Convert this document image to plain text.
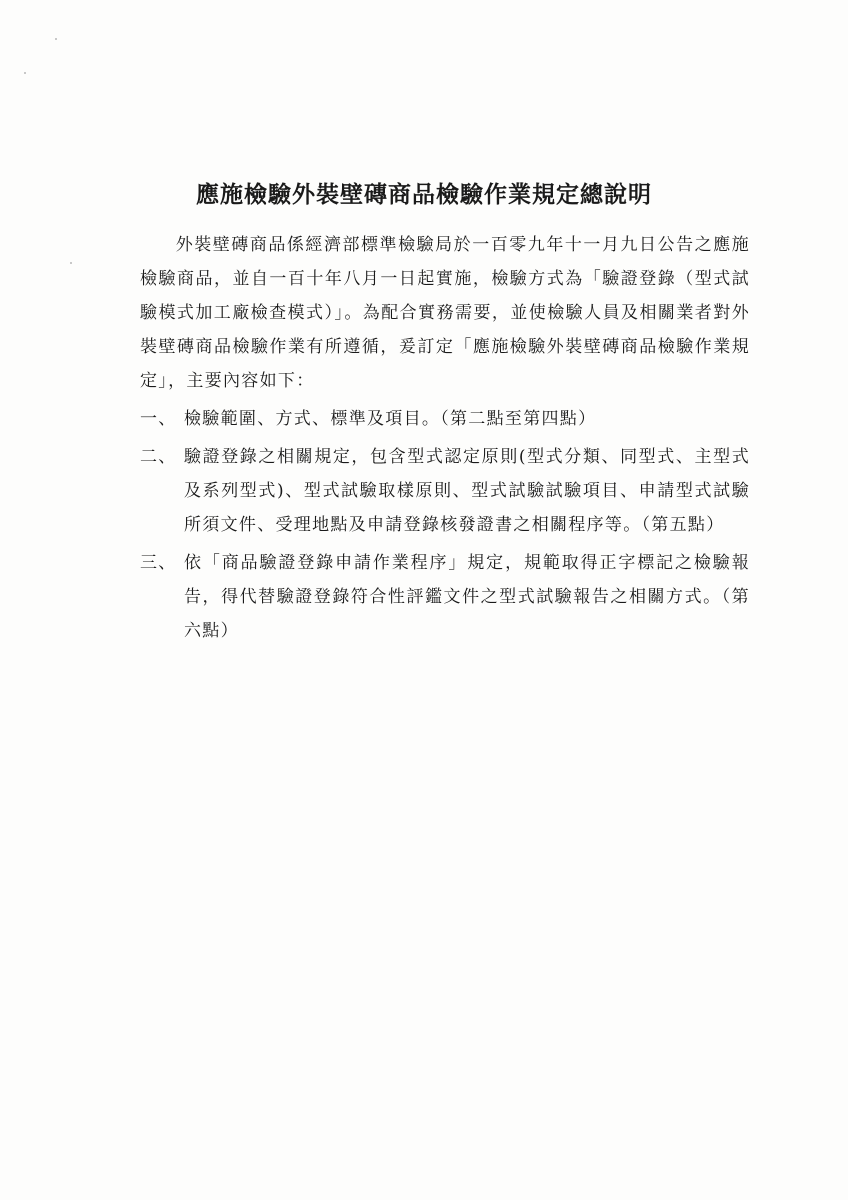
應施檢驗外裝壁磚商品檢驗作業規定總說明

外裝壁磚商品係經濟部標準檢驗局於一百零九年十一月九日公告之應施檢驗商品，並自一百十年八月一日起實施，檢驗方式為「驗證登錄（型式試驗模式加工廠檢查模式）」。為配合實務需要，並使檢驗人員及相關業者對外裝壁磚商品檢驗作業有所遵循，爰訂定「應施檢驗外裝壁磚商品檢驗作業規定」，主要內容如下：

一、 檢驗範圍、方式、標準及項目。（第二點至第四點）
二、 驗證登錄之相關規定，包含型式認定原則(型式分類、同型式、主型式及系列型式)、型式試驗取樣原則、型式試驗試驗項目、申請型式試驗所須文件、受理地點及申請登錄核發證書之相關程序等。（第五點）
三、 依「商品驗證登錄申請作業程序」規定，規範取得正字標記之檢驗報告，得代替驗證登錄符合性評鑑文件之型式試驗報告之相關方式。（第六點）
